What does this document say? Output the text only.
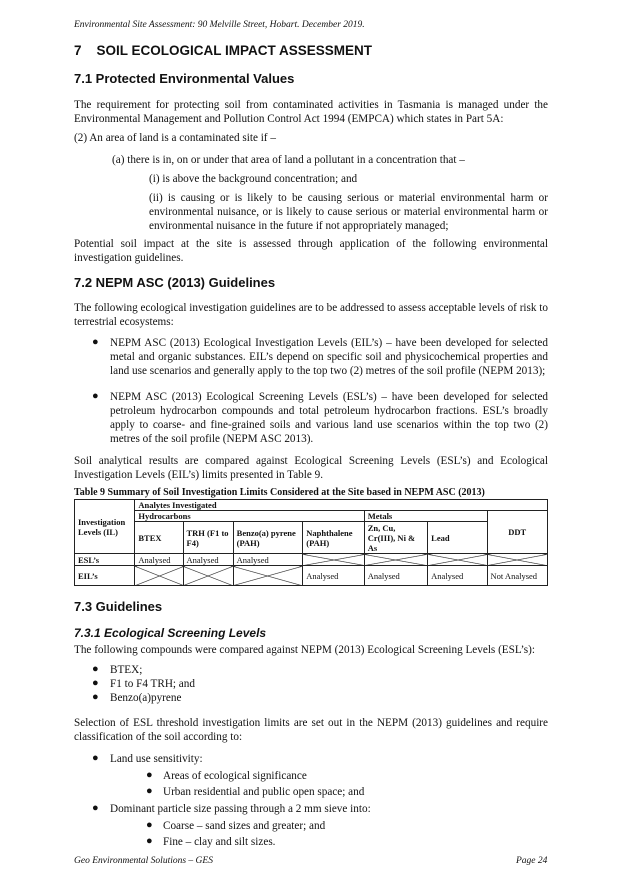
Environmental Site Assessment: 90 Melville Street, Hobart. December 2019.
7 SOIL ECOLOGICAL IMPACT ASSESSMENT
7.1 Protected Environmental Values
The requirement for protecting soil from contaminated activities in Tasmania is managed under the Environmental Management and Pollution Control Act 1994 (EMPCA) which states in Part 5A:
(2) An area of land is a contaminated site if –
(a) there is in, on or under that area of land a pollutant in a concentration that –
(i) is above the background concentration; and
(ii) is causing or is likely to be causing serious or material environmental harm or environmental nuisance, or is likely to cause serious or material environmental harm or environmental nuisance in the future if not appropriately managed;
Potential soil impact at the site is assessed through application of the following environmental investigation guidelines.
7.2 NEPM ASC (2013) Guidelines
The following ecological investigation guidelines are to be addressed to assess acceptable levels of risk to terrestrial ecosystems:
● NEPM ASC (2013) Ecological Investigation Levels (EIL’s) – have been developed for selected metal and organic substances. EIL’s depend on specific soil and physicochemical properties and land use scenarios and generally apply to the top two (2) metres of the soil profile (NEPM 2013);
● NEPM ASC (2013) Ecological Screening Levels (ESL’s) – have been developed for selected petroleum hydrocarbon compounds and total petroleum hydrocarbon fractions. ESL’s broadly apply to coarse- and fine-grained soils and various land use scenarios within the top two (2) metres of the soil profile (NEPM ASC 2013).
Soil analytical results are compared against Ecological Screening Levels (ESL’s) and Ecological Investigation Levels (EIL’s) limits presented in Table 9.
Table 9 Summary of Soil Investigation Limits Considered at the Site based in NEPM ASC (2013)
Investigation Levels (IL)	Analytes Investigated						
	Hydrocarbons				Metals		DDT
	BTEX	TRH (F1 to F4)	Benzo(a) pyrene (PAH)	Naphthalene (PAH)	Zn, Cu, Cr(III), Ni & As	Lead	
ESL’s	Analysed	Analysed	Analysed				
EIL’s				Analysed	Analysed	Analysed	Not Analysed
7.3 Guidelines
7.3.1 Ecological Screening Levels
The following compounds were compared against NEPM (2013) Ecological Screening Levels (ESL’s):
● BTEX;
● F1 to F4 TRH; and
● Benzo(a)pyrene
Selection of ESL threshold investigation limits are set out in the NEPM (2013) guidelines and require classification of the soil according to:
● Land use sensitivity:
● Areas of ecological significance
● Urban residential and public open space; and
● Dominant particle size passing through a 2 mm sieve into:
● Coarse – sand sizes and greater; and
● Fine – clay and silt sizes.
Geo Environmental Solutions – GES	Page 24
